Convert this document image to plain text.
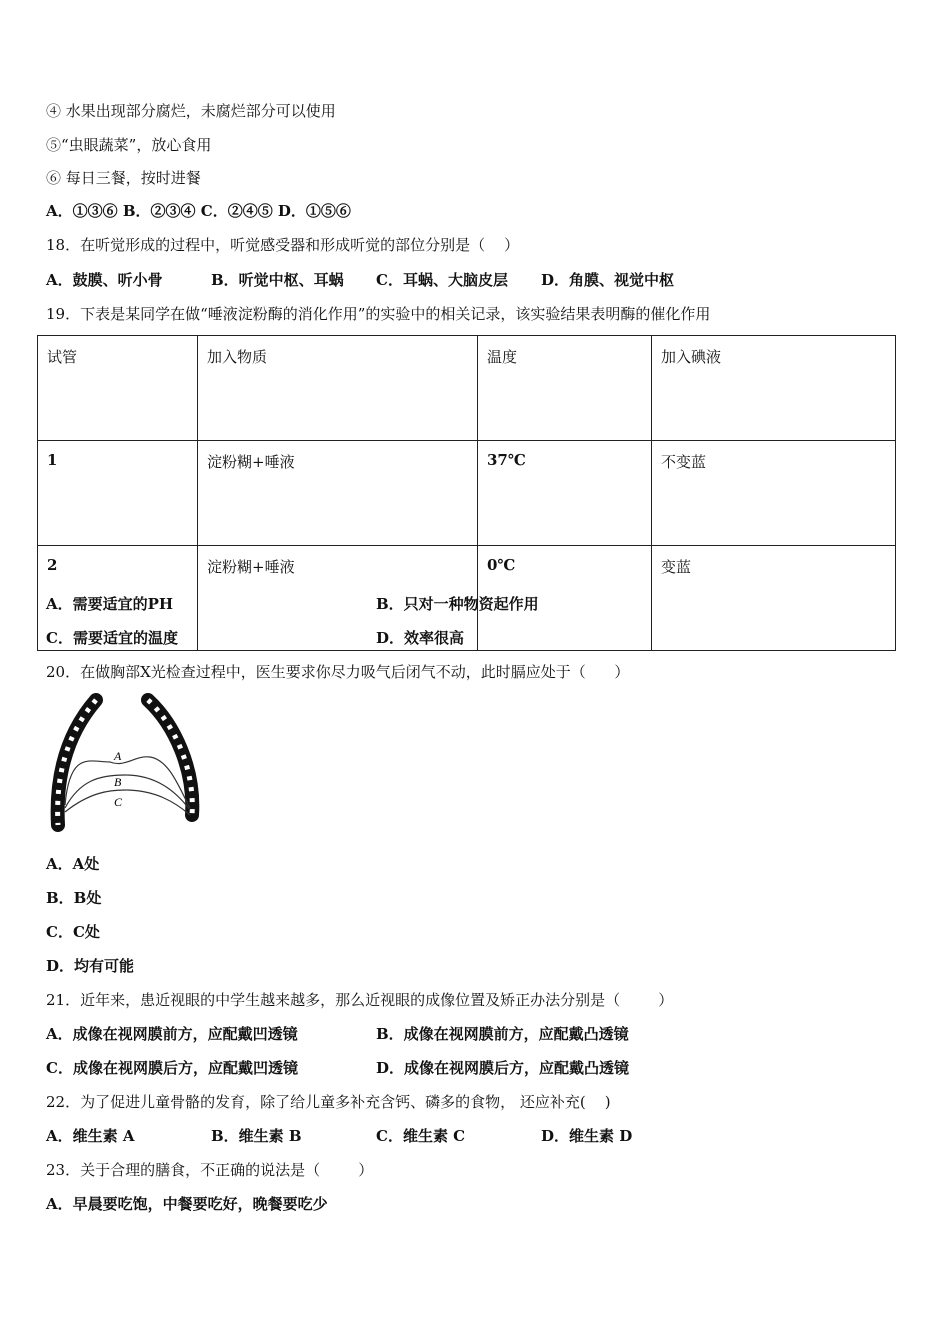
④ 水果出现部分腐烂，未腐烂部分可以使用
⑤“虫眼蔬菜”，放心食用
⑥ 每日三餐，按时进餐
A．①③⑥ B．②③④ C．②④⑤ D．①⑤⑥
18．在听觉形成的过程中，听觉感受器和形成听觉的部位分别是（    ）
A．鼓膜、听小骨	B．听觉中枢、耳蜗 C．耳蜗、大脑皮层 D．角膜、视觉中枢
19．下表是某同学在做“唾液淀粉酶的消化作用”的实验中的相关记录，该实验结果表明酶的催化作用
试管	加入物质	温度	加入碘液
1	淀粉糊+唾液	37℃	不变蓝
2	淀粉糊+唾液	0℃	变蓝
A．需要适宜的PH	B．只对一种物资起作用
C．需要适宜的温度	D．效率很高
20．在做胸部X光检查过程中，医生要求你尽力吸气后闭气不动，此时膈应处于（      ）
A
B
C
A．A处
B．B处
C．C处
D．均有可能
21．近年来，患近视眼的中学生越来越多，那么近视眼的成像位置及矫正办法分别是（        ）
A．成像在视网膜前方，应配戴凹透镜	B．成像在视网膜前方，应配戴凸透镜
C．成像在视网膜后方，应配戴凹透镜	D．成像在视网膜后方，应配戴凸透镜
22．为了促进儿童骨骼的发育，除了给儿童多补充含钙、磷多的食物， 还应补充(    )
A．维生素 A	B．维生素 B	C．维生素 C	D．维生素 D
23．关于合理的膳食，不正确的说法是（        ）
A．早晨要吃饱，中餐要吃好，晚餐要吃少
